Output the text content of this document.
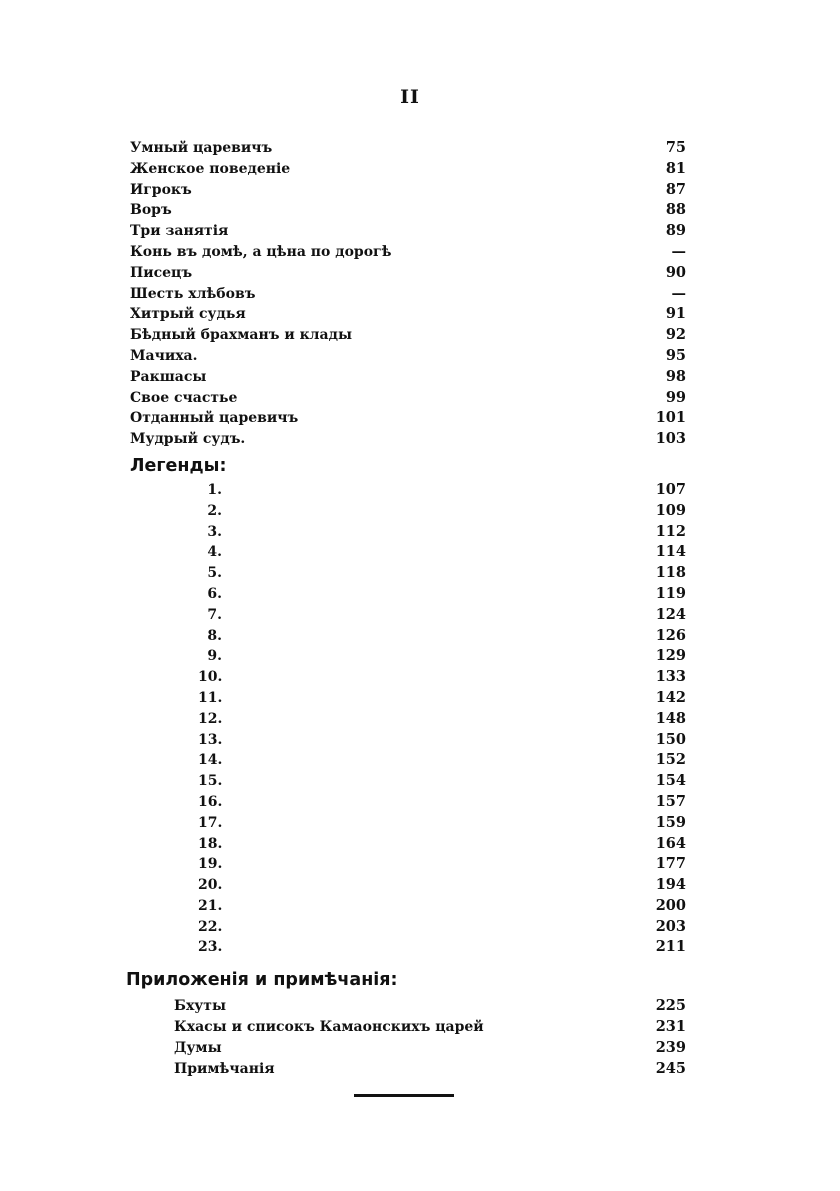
II
Умный царевичъ	75
Женское поведеніе	81
Игрокъ	87
Воръ	88
Три занятія	89
Конь въ домѣ, а цѣна по дорогѣ	—
Писецъ	90
Шесть хлѣбовъ	—
Хитрый судья	91
Бѣдный брахманъ и клады	92
Мачиха.	95
Ракшасы	98
Свое счастье	99
Отданный царевичъ	101
Мудрый судъ.	103
Легенды:
1.	107
2.	109
3.	112
4.	114
5.	118
6.	119
7.	124
8.	126
9.	129
10.	133
11.	142
12.	148
13.	150
14.	152
15.	154
16.	157
17.	159
18.	164
19.	177
20.	194
21.	200
22.	203
23.	211
Приложенія и примѣчанія:
Бхуты	225
Кхасы и списокъ Камаонскихъ царей	231
Думы	239
Примѣчанія	245
